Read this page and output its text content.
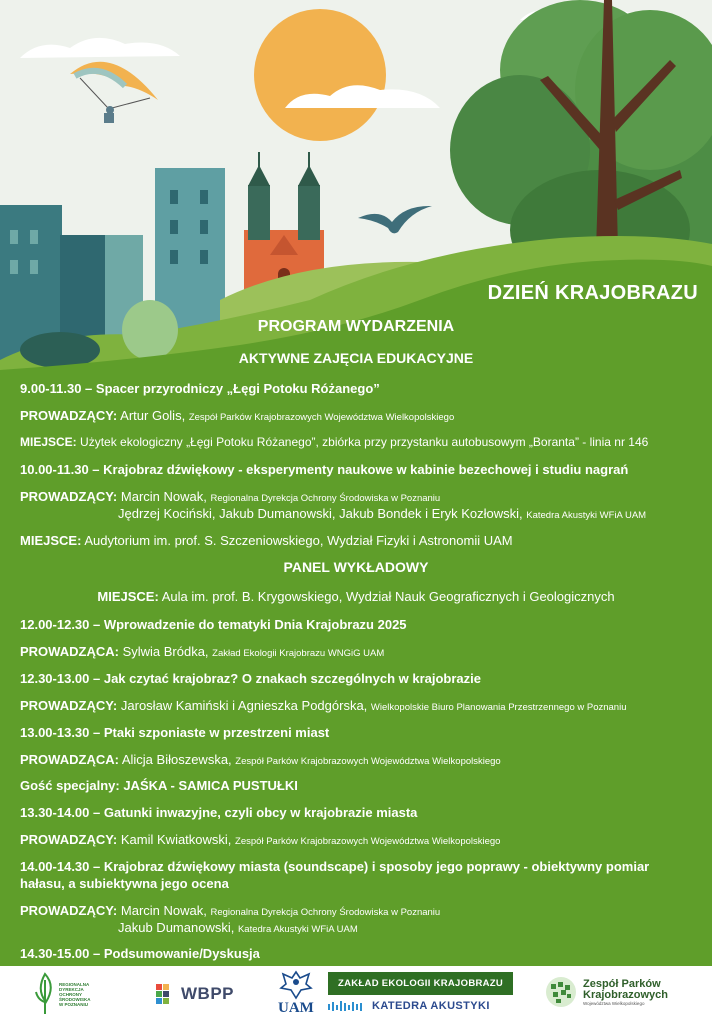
DZIEŃ KRAJOBRAZU
PROGRAM WYDARZENIA
AKTYWNE ZAJĘCIA EDUKACYJNE
9.00-11.30 – Spacer przyrodniczy „Łęgi Potoku Różanego”
PROWADZĄCY: Artur Golis, Zespół Parków Krajobrazowych Województwa Wielkopolskiego
MIEJSCE: Użytek ekologiczny „Łęgi Potoku Różanego”, zbiórka przy przystanku autobusowym „Boranta” - linia nr 146
10.00-11.30 – Krajobraz dźwiękowy - eksperymenty naukowe w kabinie bezechowej i studiu nagrań
PROWADZĄCY: Marcin Nowak, Regionalna Dyrekcja Ochrony Środowiska w Poznaniu
Jędrzej Kociński, Jakub Dumanowski, Jakub Bondek i Eryk Kozłowski, Katedra Akustyki WFiA UAM
MIEJSCE: Audytorium im. prof. S. Szczeniowskiego, Wydział Fizyki i Astronomii UAM
PANEL WYKŁADOWY
MIEJSCE: Aula im. prof. B. Krygowskiego, Wydział Nauk Geograficznych i Geologicznych
12.00-12.30 – Wprowadzenie do tematyki Dnia Krajobrazu 2025
PROWADZĄCA: Sylwia Bródka, Zakład Ekologii Krajobrazu WNGiG UAM
12.30-13.00 – Jak czytać krajobraz? O znakach szczególnych w krajobrazie
PROWADZĄCY: Jarosław Kamiński i Agnieszka Podgórska, Wielkopolskie Biuro Planowania Przestrzennego w Poznaniu
13.00-13.30 – Ptaki szponiaste w przestrzeni miast
PROWADZĄCA: Alicja Biłoszewska, Zespół Parków Krajobrazowych Województwa Wielkopolskiego
Gość specjalny: JAŚKA - SAMICA PUSTUŁKI
13.30-14.00 – Gatunki inwazyjne, czyli obcy w krajobrazie miasta
PROWADZĄCY: Kamil Kwiatkowski, Zespół Parków Krajobrazowych Województwa Wielkopolskiego
14.00-14.30 – Krajobraz dźwiękowy miasta (soundscape) i sposoby jego poprawy - obiektywny pomiar hałasu, a subiektywna jego ocena
PROWADZĄCY: Marcin Nowak, Regionalna Dyrekcja Ochrony Środowiska w Poznaniu
Jakub Dumanowski, Katedra Akustyki WFiA UAM
14.30-15.00 – Podsumowanie/Dyskusja
REGIONALNA DYREKCJA OCHRONY ŚRODOWISKA W POZNANIU
WBPP
UAM
ZAKŁAD EKOLOGII KRAJOBRAZU
KATEDRA AKUSTYKI
Zespół Parków
Krajobrazowych
Województwa Wielkopolskiego
